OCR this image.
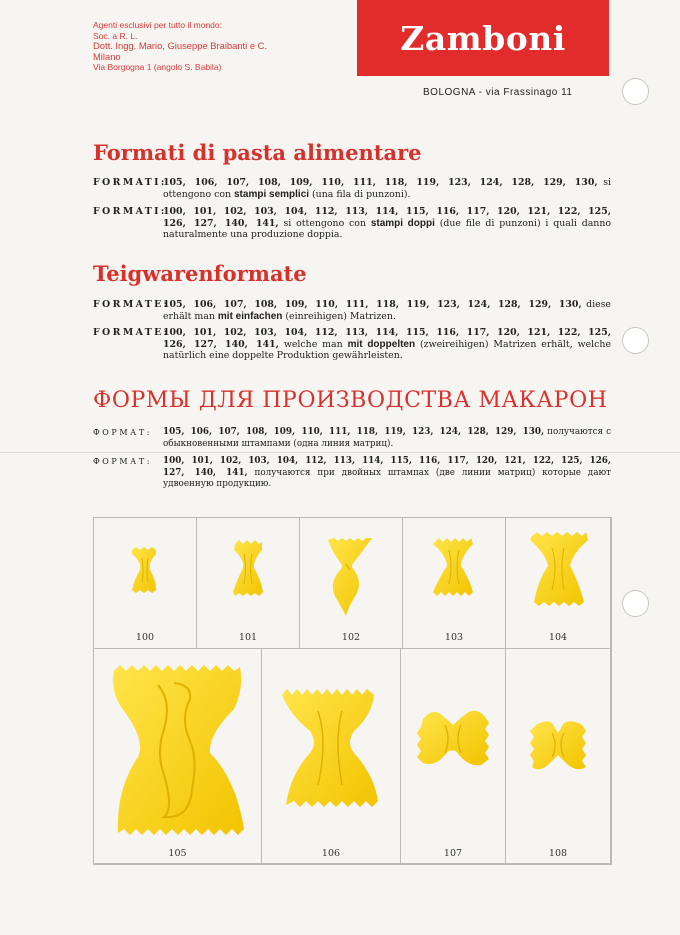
Agenti esclusivi per tutto il mondo:
Soc. a R. L.
Dott. Ingg. Mario, Giuseppe Braibanti e C.
Milano
Via Borgogna 1 (angolo S. Babila)
Zamboni
BOLOGNA - via Frassinago 11
Formati di pasta alimentare
FORMATI:
105, 106, 107, 108, 109, 110, 111, 118, 119, 123, 124, 128, 129, 130, si ottengono con stampi semplici (una fila di punzoni).
FORMATI:
100, 101, 102, 103, 104, 112, 113, 114, 115, 116, 117, 120, 121, 122, 125, 126, 127, 140, 141, si ottengono con stampi doppi (due file di punzoni) i quali danno naturalmente una produzione doppia.
Teigwarenformate
FORMATE:
105, 106, 107, 108, 109, 110, 111, 118, 119, 123, 124, 128, 129, 130, diese erhält man mit einfachen (einreihigen) Matrizen.
FORMATE:
100, 101, 102, 103, 104, 112, 113, 114, 115, 116, 117, 120, 121, 122, 125, 126, 127, 140, 141, welche man mit doppelten (zweireihigen) Matrizen erhält, welche natürlich eine doppelte Produktion gewährleisten.
ФОРМЫ ДЛЯ ПРОИЗВОДСТВА МАКАРОН
ФОРМАТ: 105, 106, 107, 108, 109, 110, 111, 118, 119, 123, 124, 128, 129, 130, получаются с обыкновенными штампами (одна линия матриц).
ФОРМАТ: 100, 101, 102, 103, 104, 112, 113, 114, 115, 116, 117, 120, 121, 122, 125, 126, 127, 140, 141, получаются при двойных штампах (две линии матриц) которые дают удвоенную продукцию.
100	101	102	103	104
105	106	107	108
